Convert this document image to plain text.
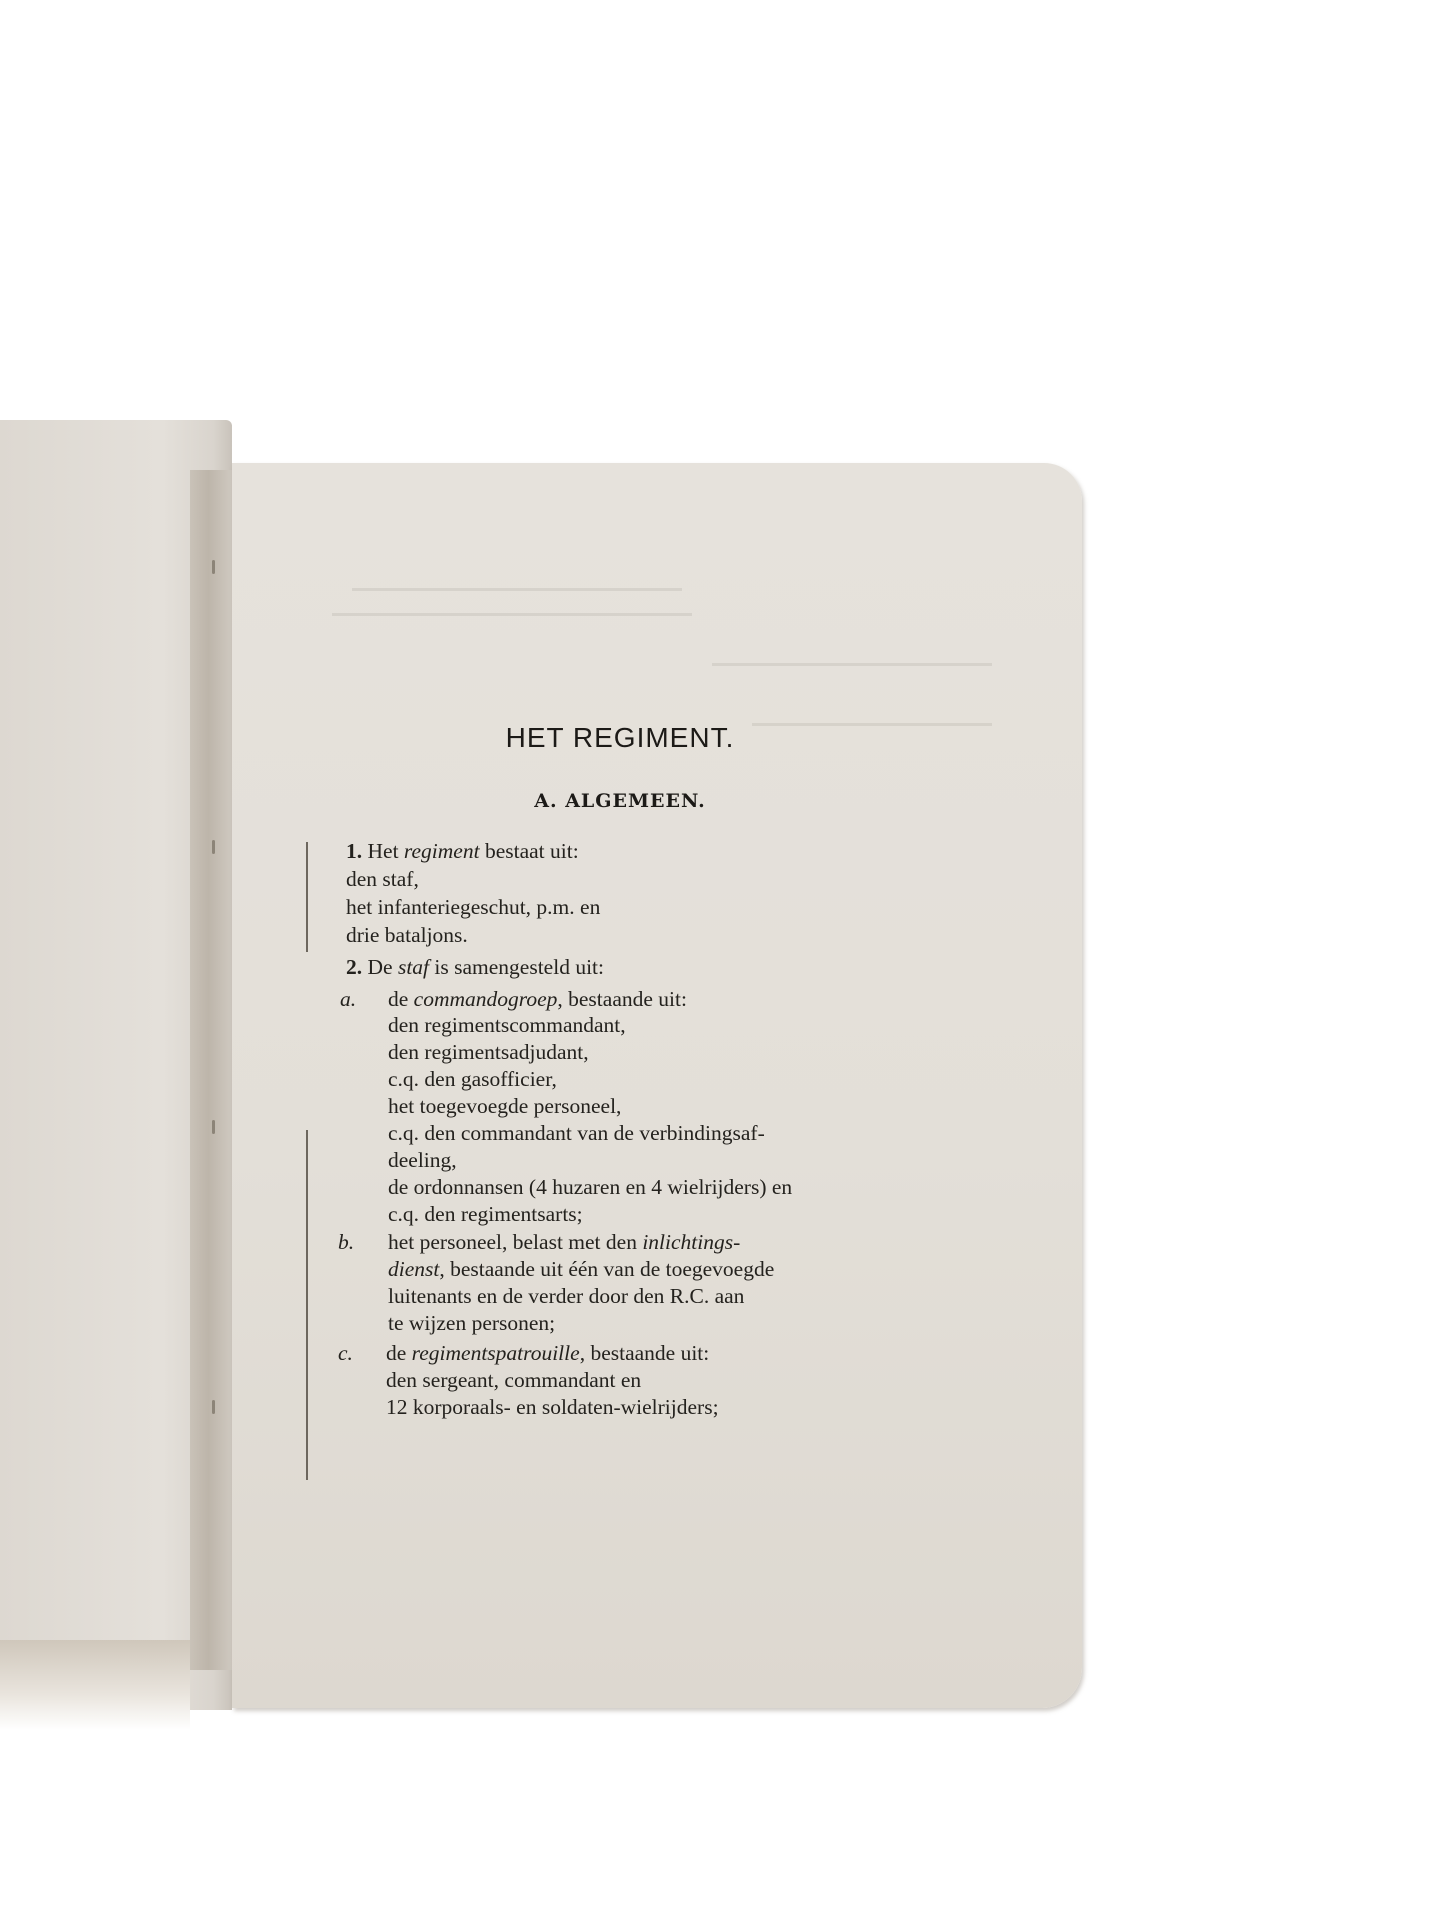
HET REGIMENT.
A. ALGEMEEN.
1. Het regiment bestaat uit:
den staf,
het infanteriegeschut, p.m. en
drie bataljons.
2. De staf is samengesteld uit:
a. de commandogroep, bestaande uit:
den regimentscommandant,
den regimentsadjudant,
c.q. den gasofficier,
het toegevoegde personeel,
c.q. den commandant van de verbindingsaf-
deeling,
de ordonnansen (4 huzaren en 4 wielrijders) en
c.q. den regimentsarts;
b. het personeel, belast met den inlichtings-
dienst, bestaande uit één van de toegevoegde
luitenants en de verder door den R.C. aan
te wijzen personen;
c. de regimentspatrouille, bestaande uit:
den sergeant, commandant en
12 korporaals- en soldaten-wielrijders;
